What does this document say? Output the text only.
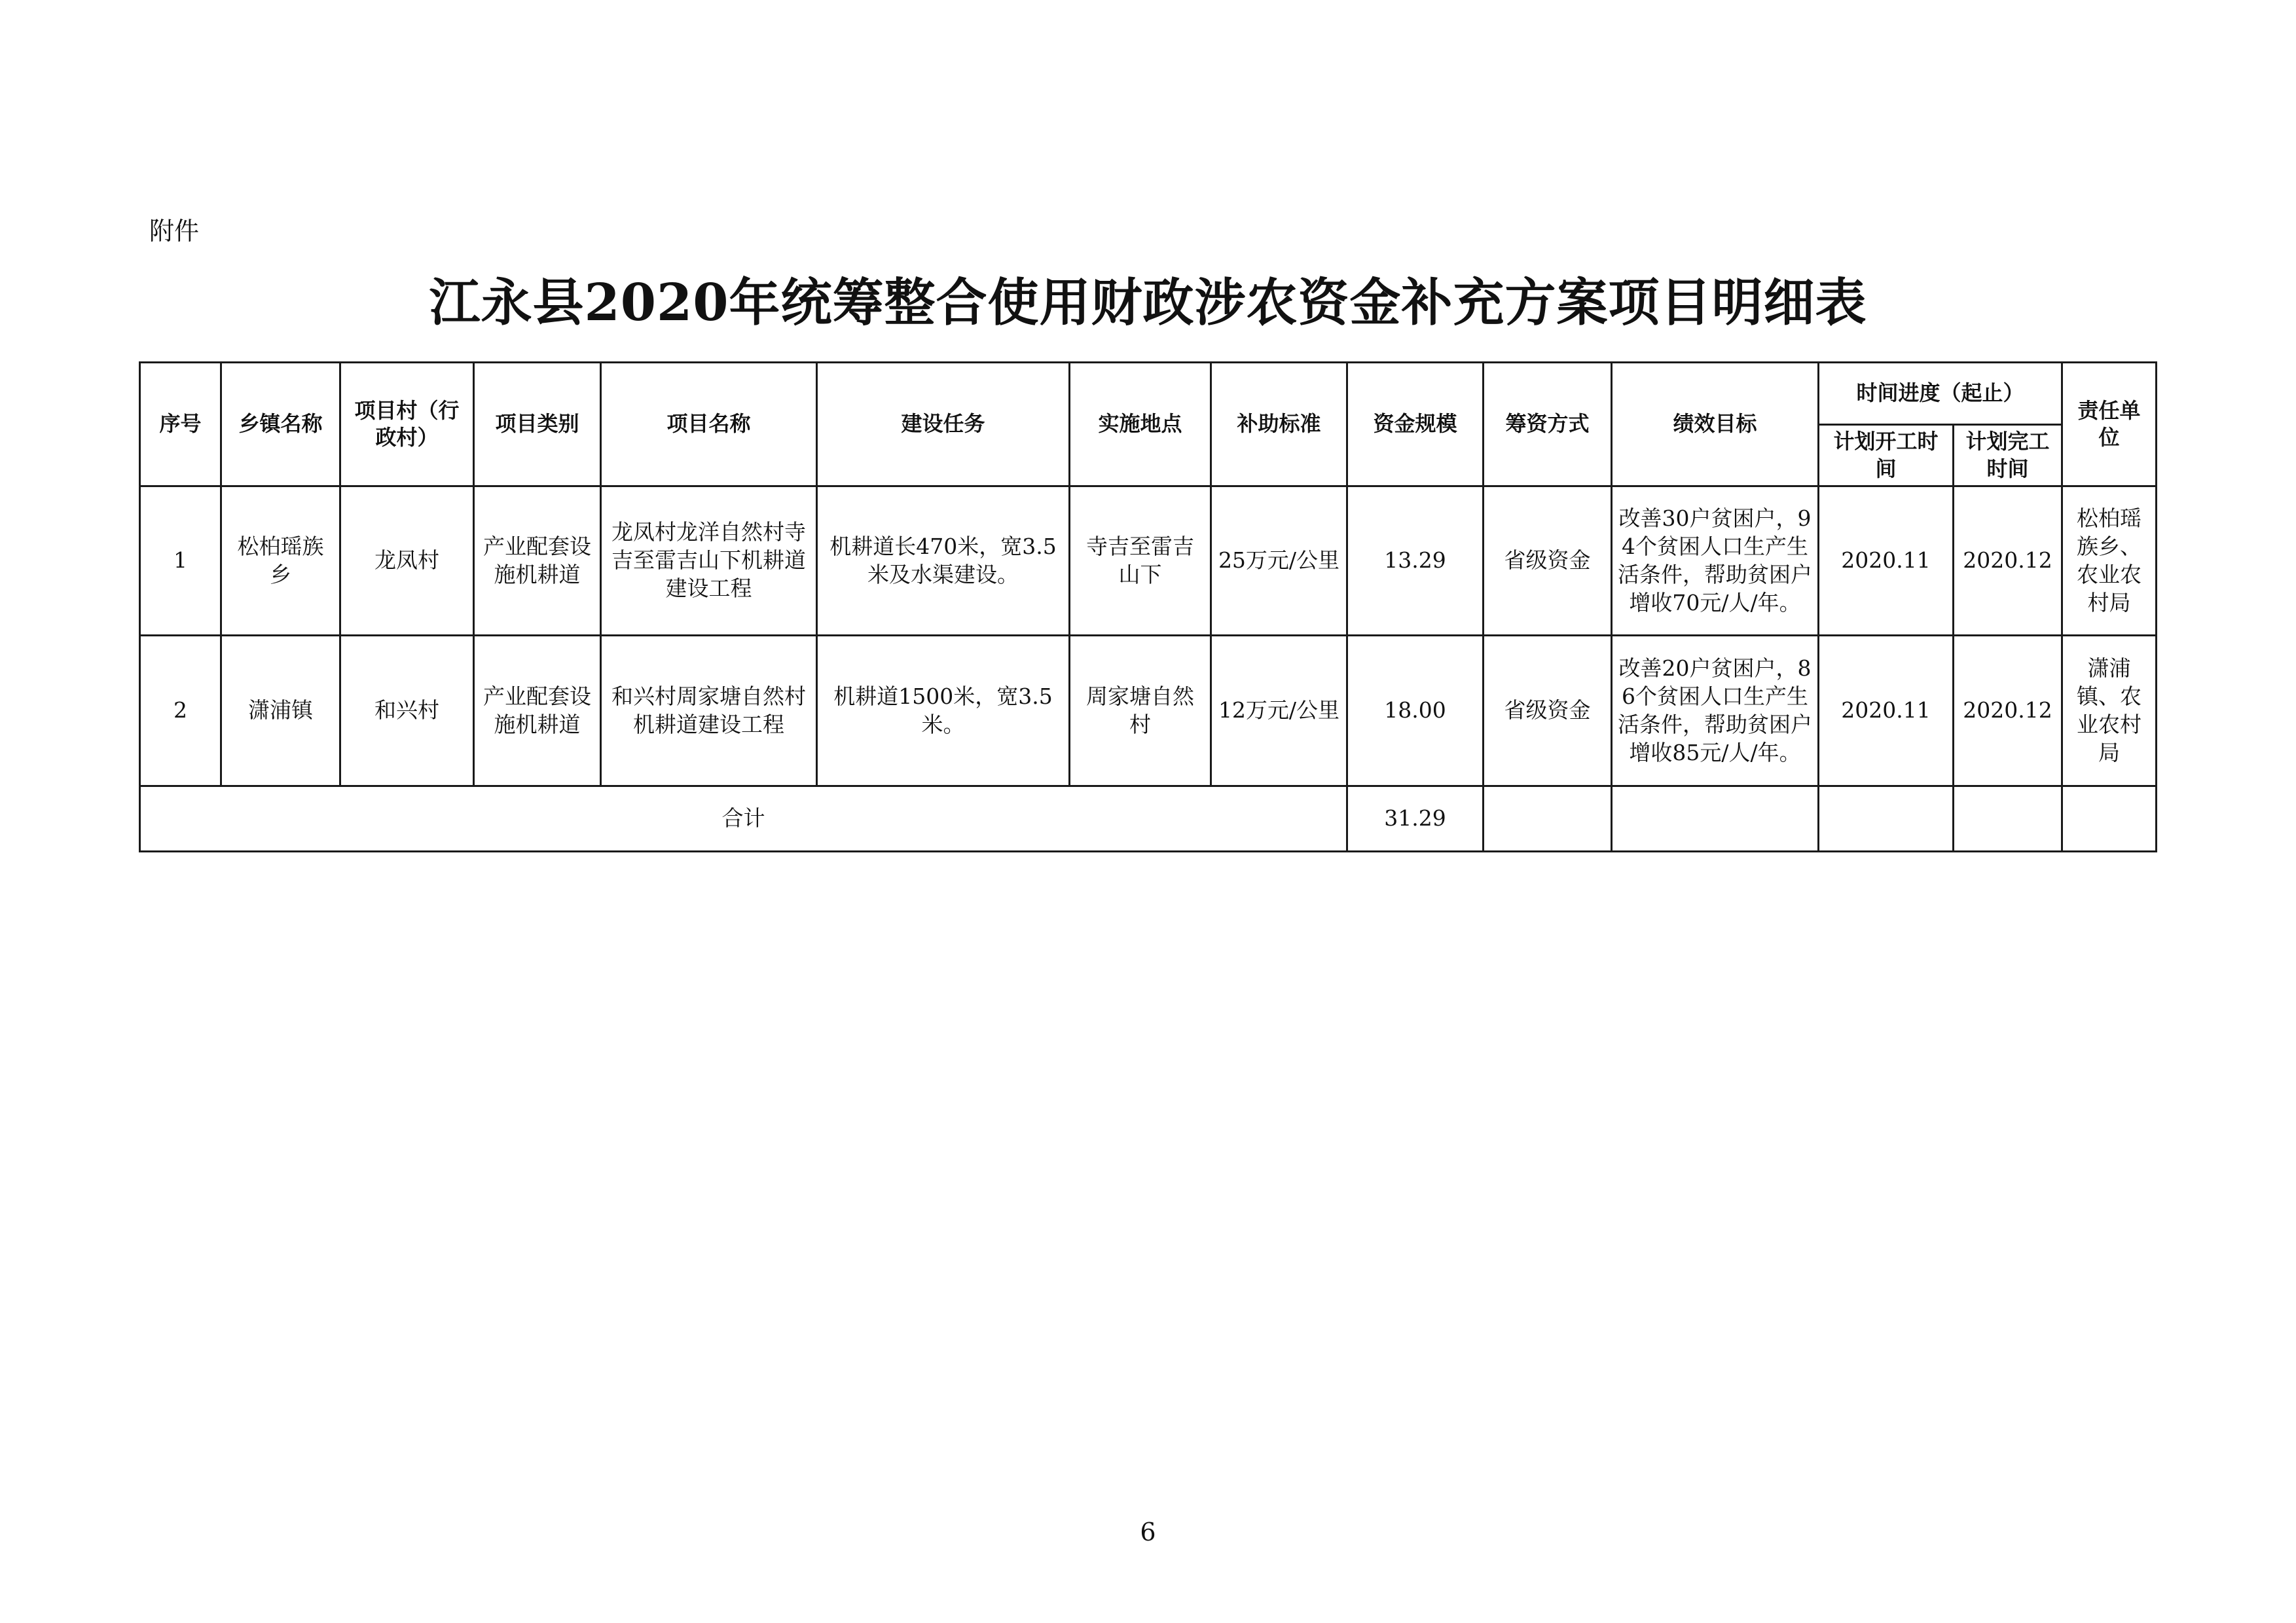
附件
江永县2020年统筹整合使用财政涉农资金补充方案项目明细表
序号	乡镇名称	项目村（行政村）	项目类别	项目名称	建设任务	实施地点	补助标准	资金规模	筹资方式	绩效目标	时间进度（起止）		责任单位
											计划开工时间	计划完工时间	
1	松柏瑶族乡	龙凤村	产业配套设施机耕道	龙凤村龙洋自然村寺吉至雷吉山下机耕道建设工程	机耕道长470米，宽3.5米及水渠建设。	寺吉至雷吉山下	25万元/公里	13.29	省级资金	改善30户贫困户，94个贫困人口生产生活条件，帮助贫困户增收70元/人/年。	2020.11	2020.12	松柏瑶族乡、农业农村局
2	潇浦镇	和兴村	产业配套设施机耕道	和兴村周家塘自然村机耕道建设工程	机耕道1500米，宽3.5米。	周家塘自然村	12万元/公里	18.00	省级资金	改善20户贫困户，86个贫困人口生产生活条件，帮助贫困户增收85元/人/年。	2020.11	2020.12	潇浦镇、农业农村局
合计								31.29					
6
